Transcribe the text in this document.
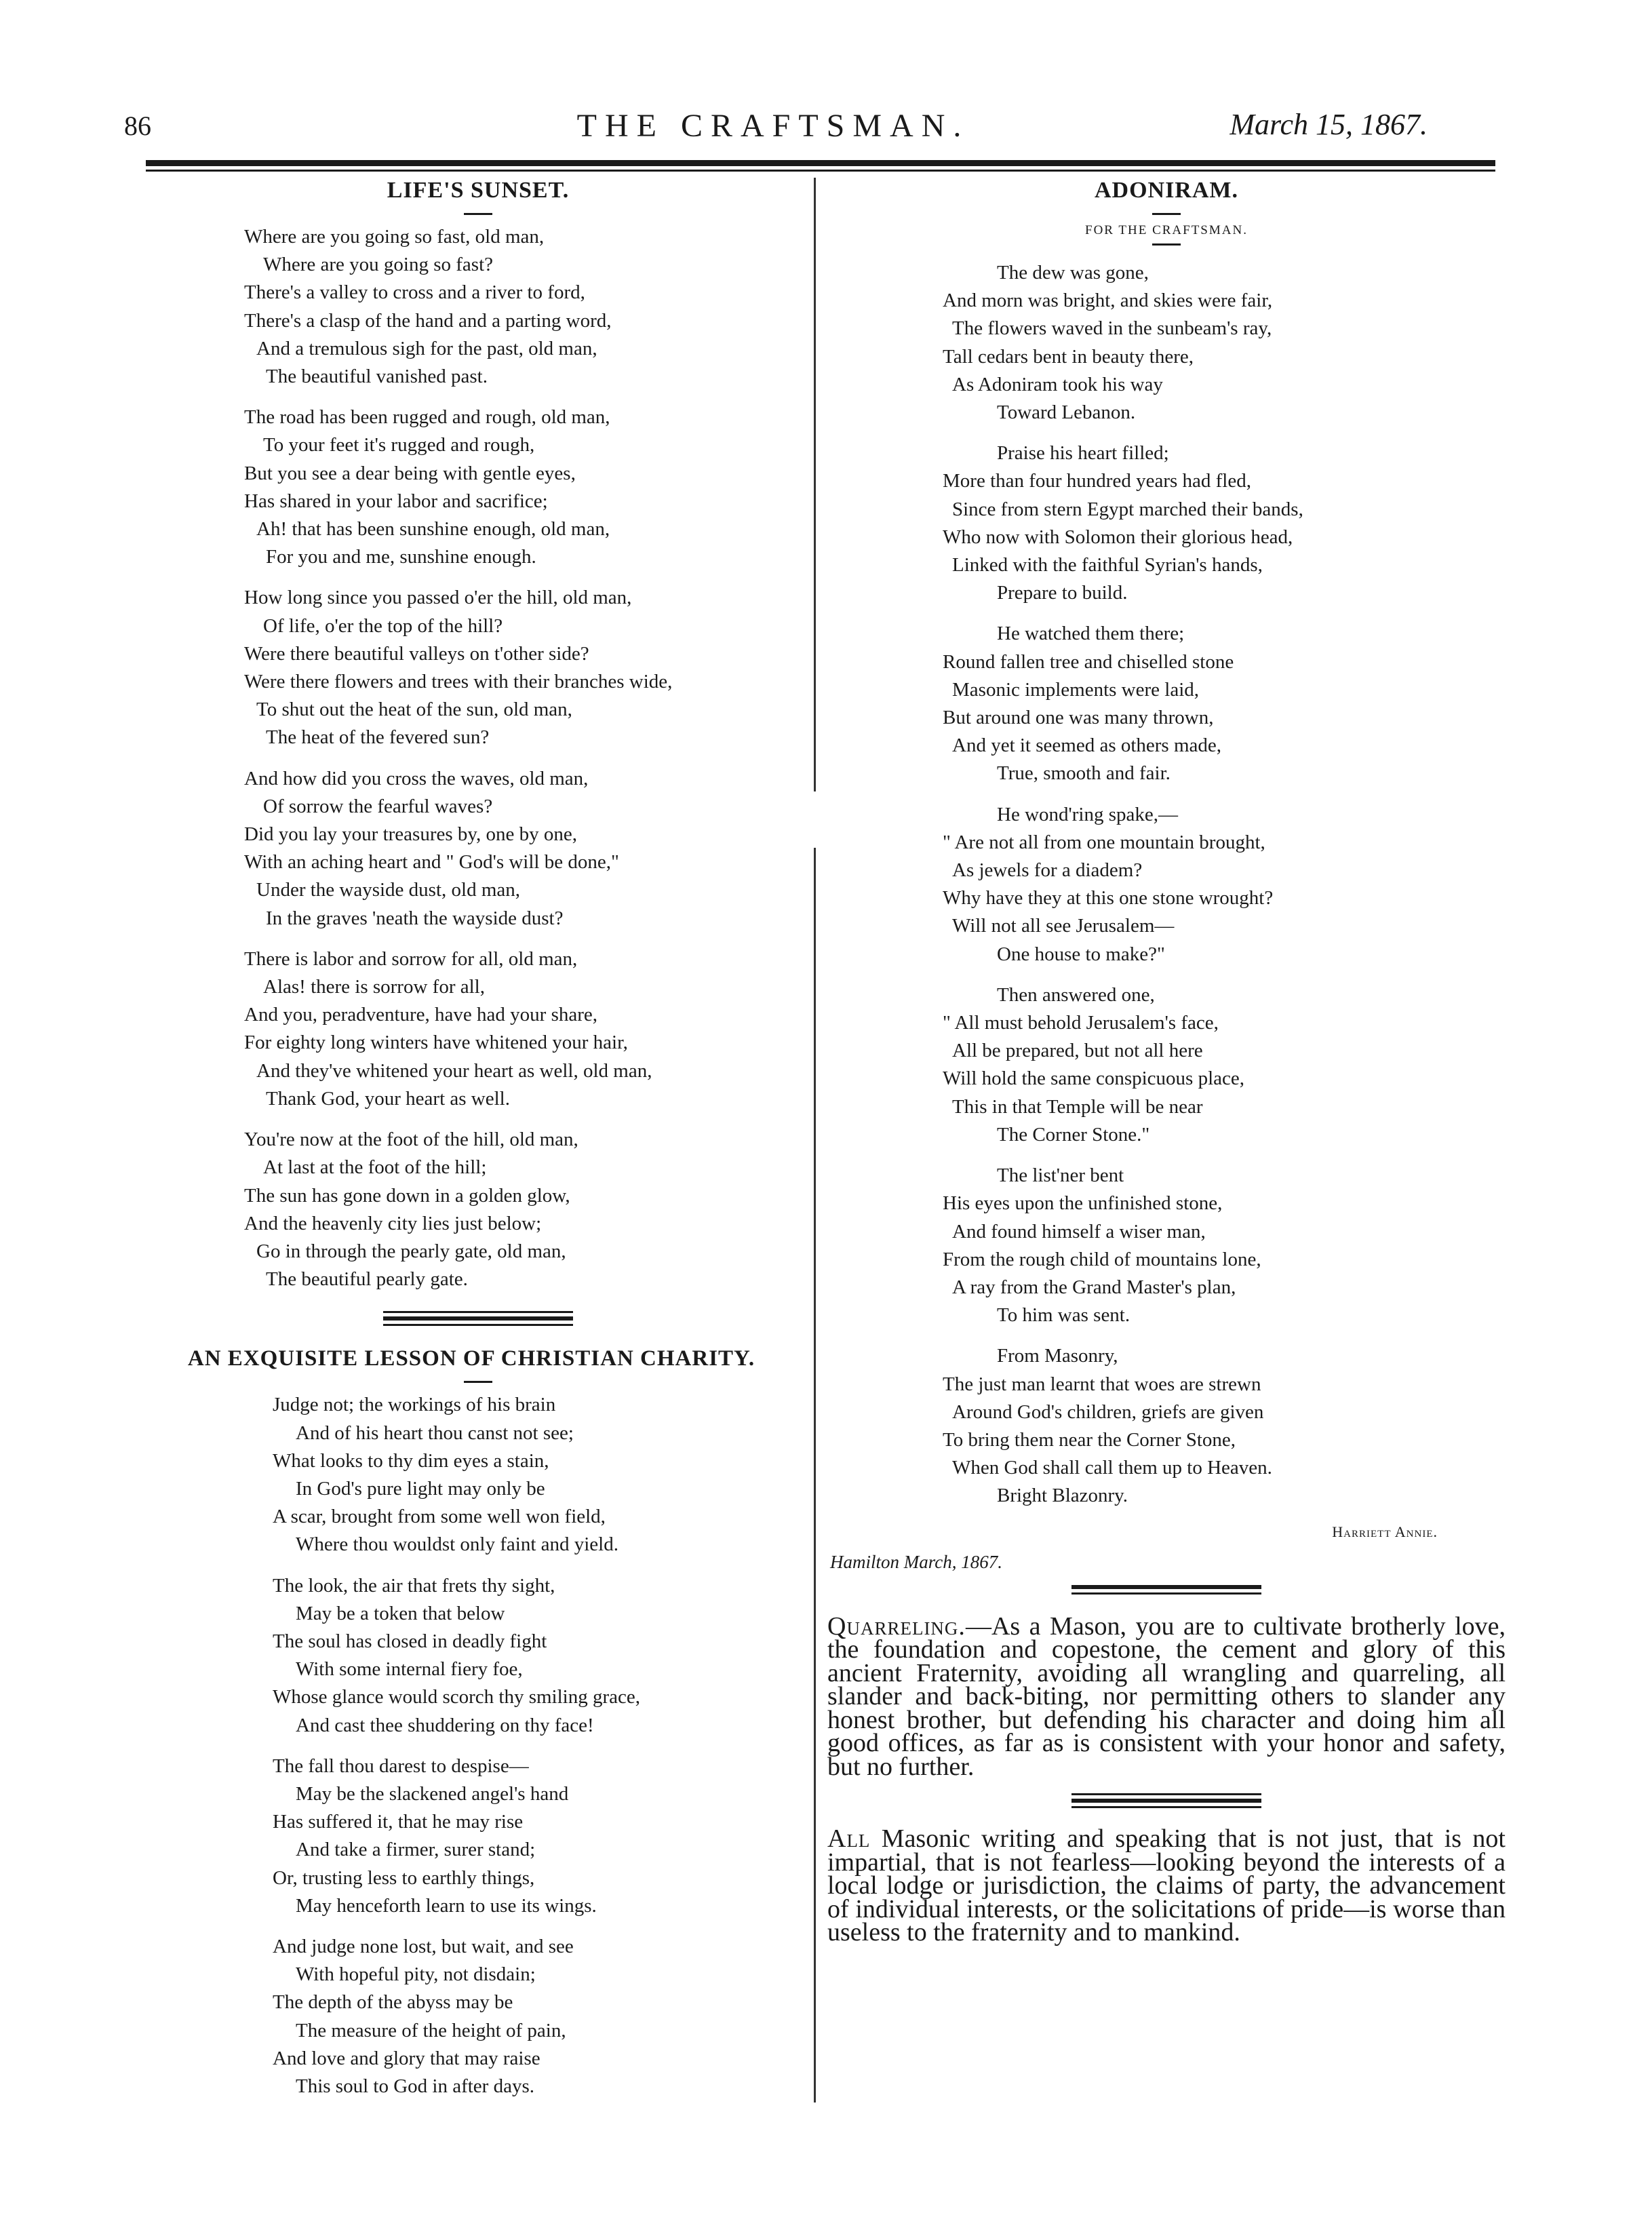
86	THE CRAFTSMAN.	March 15, 1867.
LIFE'S SUNSET.
Where are you going so fast, old man,
Where are you going so fast?
There's a valley to cross and a river to ford,
There's a clasp of the hand and a parting word,
And a tremulous sigh for the past, old man,
The beautiful vanished past.
The road has been rugged and rough, old man,
To your feet it's rugged and rough,
But you see a dear being with gentle eyes,
Has shared in your labor and sacrifice;
Ah! that has been sunshine enough, old man,
For you and me, sunshine enough.
How long since you passed o'er the hill, old man,
Of life, o'er the top of the hill?
Were there beautiful valleys on t'other side?
Were there flowers and trees with their branches wide,
To shut out the heat of the sun, old man,
The heat of the fevered sun?
And how did you cross the waves, old man,
Of sorrow the fearful waves?
Did you lay your treasures by, one by one,
With an aching heart and " God's will be done,"
Under the wayside dust, old man,
In the graves 'neath the wayside dust?
There is labor and sorrow for all, old man,
Alas! there is sorrow for all,
And you, peradventure, have had your share,
For eighty long winters have whitened your hair,
And they've whitened your heart as well, old man,
Thank God, your heart as well.
You're now at the foot of the hill, old man,
At last at the foot of the hill;
The sun has gone down in a golden glow,
And the heavenly city lies just below;
Go in through the pearly gate, old man,
The beautiful pearly gate.
AN EXQUISITE LESSON OF CHRISTIAN CHARITY.
Judge not; the workings of his brain
And of his heart thou canst not see;
What looks to thy dim eyes a stain,
In God's pure light may only be
A scar, brought from some well won field,
Where thou wouldst only faint and yield.
The look, the air that frets thy sight,
May be a token that below
The soul has closed in deadly fight
With some internal fiery foe,
Whose glance would scorch thy smiling grace,
And cast thee shuddering on thy face!
The fall thou darest to despise—
May be the slackened angel's hand
Has suffered it, that he may rise
And take a firmer, surer stand;
Or, trusting less to earthly things,
May henceforth learn to use its wings.
And judge none lost, but wait, and see
With hopeful pity, not disdain;
The depth of the abyss may be
The measure of the height of pain,
And love and glory that may raise
This soul to God in after days.
ADONIRAM.

FOR THE CRAFTSMAN.

The dew was gone,
And morn was bright, and skies were fair,
The flowers waved in the sunbeam's ray,
Tall cedars bent in beauty there,
As Adoniram took his way
Toward Lebanon.
Praise his heart filled;
More than four hundred years had fled,
Since from stern Egypt marched their bands,
Who now with Solomon their glorious head,
Linked with the faithful Syrian's hands,
Prepare to build.
He watched them there;
Round fallen tree and chiselled stone
Masonic implements were laid,
But around one was many thrown,
And yet it seemed as others made,
True, smooth and fair.
He wond'ring spake,—
" Are not all from one mountain brought,
As jewels for a diadem?
Why have they at this one stone wrought?
Will not all see Jerusalem—
One house to make?"
Then answered one,
" All must behold Jerusalem's face,
All be prepared, but not all here
Will hold the same conspicuous place,
This in that Temple will be near
The Corner Stone."
The list'ner bent
His eyes upon the unfinished stone,
And found himself a wiser man,
From the rough child of mountains lone,
A ray from the Grand Master's plan,
To him was sent.
From Masonry,
The just man learnt that woes are strewn
Around God's children, griefs are given
To bring them near the Corner Stone,
When God shall call them up to Heaven.
Bright Blazonry.
Harriett Annie.
Hamilton March, 1867.

Quarreling.—As a Mason, you are to cultivate brotherly love, the foundation and copestone, the cement and glory of this ancient Fraternity, avoiding all wrangling and quarreling, all slander and back-biting, nor permitting others to slander any honest brother, but defending his character and doing him all good offices, as far as is consistent with your honor and safety, but no further.

All Masonic writing and speaking that is not just, that is not impartial, that is not fearless—looking beyond the interests of a local lodge or jurisdiction, the claims of party, the advancement of individual interests, or the solicitations of pride—is worse than useless to the fraternity and to mankind.
